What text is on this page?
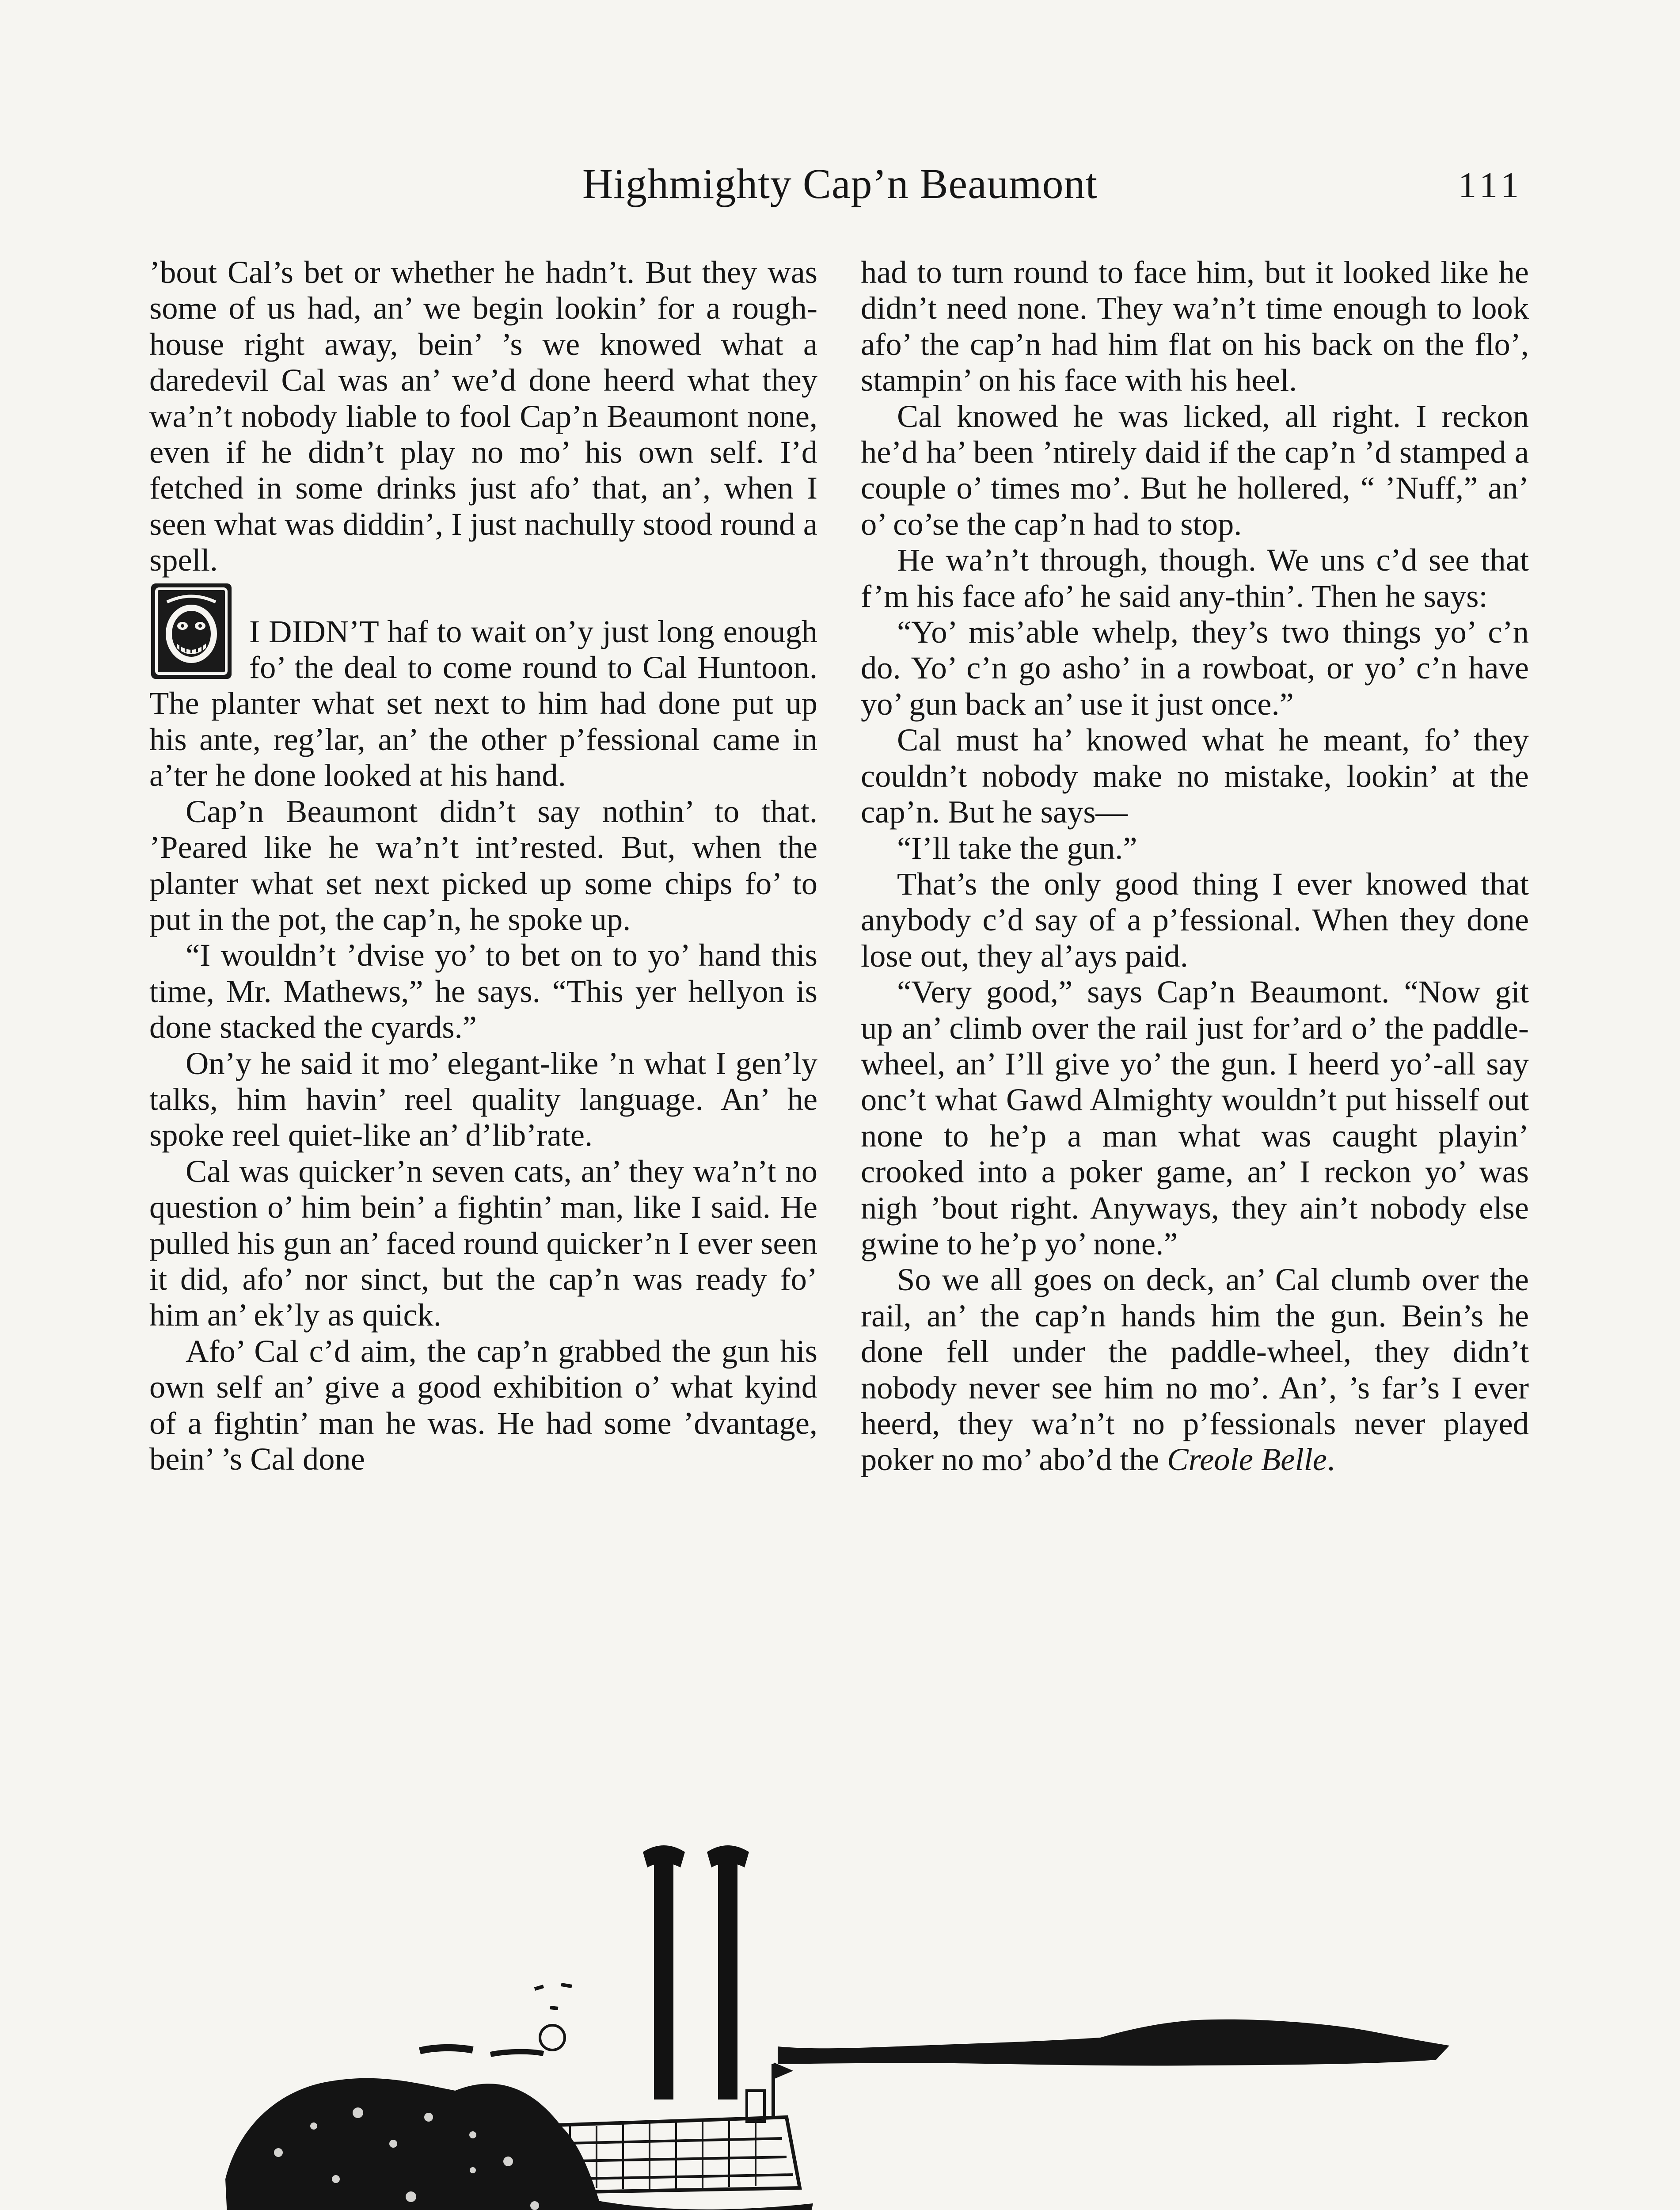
Highmighty Cap’n Beaumont	111

’bout Cal’s bet or whether he hadn’t. But they was some of us had, an’ we begin lookin’ for a rough-house right away, bein’ ’s we knowed what a daredevil Cal was an’ we’d done heerd what they wa’n’t nobody liable to fool Cap’n Beaumont none, even if he didn’t play no mo’ his own self. I’d fetched in some drinks just afo’ that, an’, when I seen what was diddin’, I just nachully stood round a spell.

I DIDN’T haf to wait on’y just long enough fo’ the deal to come round to Cal Huntoon. The planter what set next to him had done put up his ante, reg’lar, an’ the other p’fessional came in a’ter he done looked at his hand.

Cap’n Beaumont didn’t say nothin’ to that. ’Peared like he wa’n’t int’rested. But, when the planter what set next picked up some chips fo’ to put in the pot, the cap’n, he spoke up.

“I wouldn’t ’dvise yo’ to bet on to yo’ hand this time, Mr. Mathews,” he says. “This yer hellyon is done stacked the cyards.”

On’y he said it mo’ elegant-like ’n what I gen’ly talks, him havin’ reel quality language. An’ he spoke reel quiet-like an’ d’lib’rate.

Cal was quicker’n seven cats, an’ they wa’n’t no question o’ him bein’ a fightin’ man, like I said. He pulled his gun an’ faced round quicker’n I ever seen it did, afo’ nor sinct, but the cap’n was ready fo’ him an’ ek’ly as quick.

Afo’ Cal c’d aim, the cap’n grabbed the gun his own self an’ give a good exhibition o’ what kyind of a fightin’ man he was. He had some ’dvantage, bein’ ’s Cal done

had to turn round to face him, but it looked like he didn’t need none. They wa’n’t time enough to look afo’ the cap’n had him flat on his back on the flo’, stampin’ on his face with his heel.

Cal knowed he was licked, all right. I reckon he’d ha’ been ’ntirely daid if the cap’n ’d stamped a couple o’ times mo’. But he hollered, “ ’Nuff,” an’ o’ co’se the cap’n had to stop.

He wa’n’t through, though. We uns c’d see that f’m his face afo’ he said any-thin’. Then he says:

“Yo’ mis’able whelp, they’s two things yo’ c’n do. Yo’ c’n go asho’ in a rowboat, or yo’ c’n have yo’ gun back an’ use it just once.”

Cal must ha’ knowed what he meant, fo’ they couldn’t nobody make no mistake, lookin’ at the cap’n. But he says—

“I’ll take the gun.”

That’s the only good thing I ever knowed that anybody c’d say of a p’fessional. When they done lose out, they al’ays paid.

“Very good,” says Cap’n Beaumont. “Now git up an’ climb over the rail just for’ard o’ the paddle-wheel, an’ I’ll give yo’ the gun. I heerd yo’-all say onc’t what Gawd Almighty wouldn’t put hisself out none to he’p a man what was caught playin’ crooked into a poker game, an’ I reckon yo’ was nigh ’bout right. Anyways, they ain’t nobody else gwine to he’p yo’ none.”

So we all goes on deck, an’ Cal clumb over the rail, an’ the cap’n hands him the gun. Bein’s he done fell under the paddle-wheel, they didn’t nobody never see him no mo’. An’, ’s far’s I ever heerd, they wa’n’t no p’fessionals never played poker no mo’ abo’d the Creole Belle.
